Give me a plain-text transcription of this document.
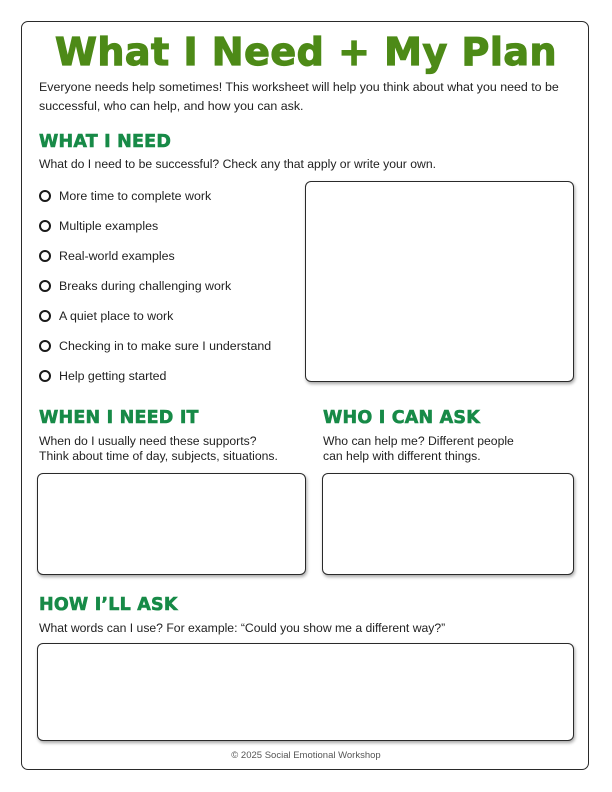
What I Need + My Plan
Everyone needs help sometimes! This worksheet will help you think about what you need to be successful, who can help, and how you can ask.
WHAT I NEED
What do I need to be successful? Check any that apply or write your own.
More time to complete work
Multiple examples
Real-world examples
Breaks during challenging work
A quiet place to work
Checking in to make sure I understand
Help getting started
WHEN I NEED IT
When do I usually need these supports?
Think about time of day, subjects, situations.
WHO I CAN ASK
Who can help me? Different people
can help with different things.
HOW I’LL ASK
What words can I use? For example: “Could you show me a different way?”
© 2025 Social Emotional Workshop
